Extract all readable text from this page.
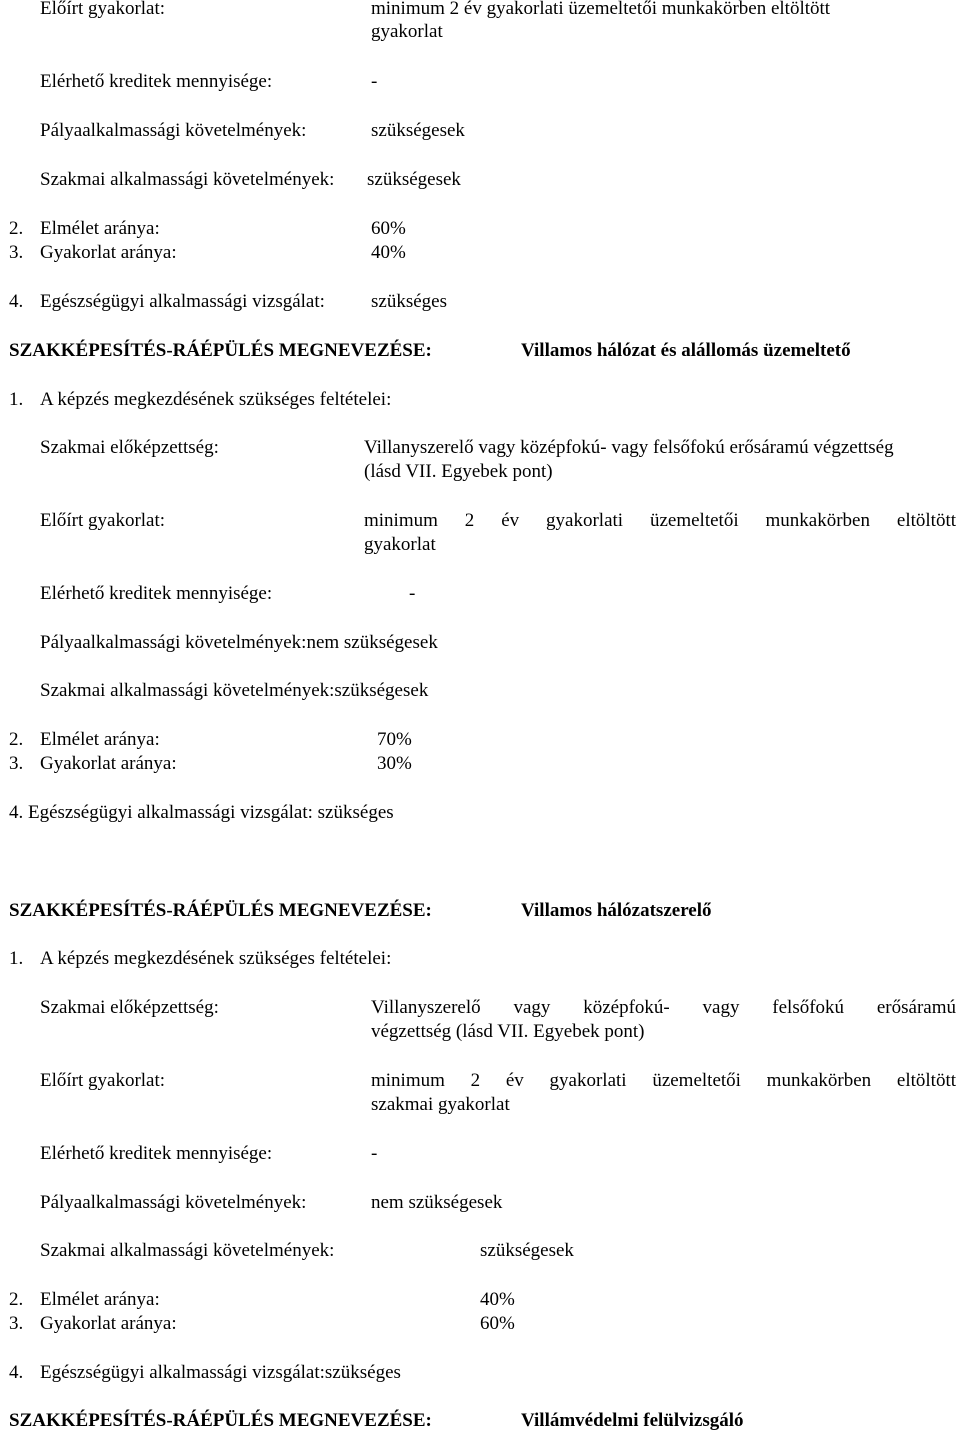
Előírt gyakorlat:	minimum 2 év gyakorlati üzemeltetői munkakörben eltöltött gyakorlat
Elérhető kreditek mennyisége:	-
Pályaalkalmassági követelmények:	szükségesek
Szakmai alkalmassági követelmények: szükségesek
2. Elmélet aránya:	60%
3. Gyakorlat aránya:	40%
4. Egészségügyi alkalmassági vizsgálat: szükséges
SZAKKÉPESÍTÉS-RÁÉPÜLÉS MEGNEVEZÉSE:	Villamos hálózat és alállomás üzemeltető
1. A képzés megkezdésének szükséges feltételei:
Szakmai előképzettség:	Villanyszerelő vagy középfokú- vagy felsőfokú erősáramú végzettség
(lásd VII. Egyebek pont)
Előírt gyakorlat:	minimum 2 év gyakorlati üzemeltetői munkakörben eltöltött
gyakorlat
Elérhető kreditek mennyisége:	-
Pályaalkalmassági követelmények:nem szükségesek
Szakmai alkalmassági követelmények:szükségesek
2. Elmélet aránya:	70%
3. Gyakorlat aránya:	30%
4. Egészségügyi alkalmassági vizsgálat: szükséges
SZAKKÉPESÍTÉS-RÁÉPÜLÉS MEGNEVEZÉSE:	Villamos hálózatszerelő
1. A képzés megkezdésének szükséges feltételei:
Szakmai előképzettség:	Villanyszerelő vagy középfokú- vagy felsőfokú erősáramú
végzettség (lásd VII. Egyebek pont)
Előírt gyakorlat:	minimum 2 év gyakorlati üzemeltetői munkakörben eltöltött
szakmai gyakorlat
Elérhető kreditek mennyisége:	-
Pályaalkalmassági követelmények:	nem szükségesek
Szakmai alkalmassági követelmények:	szükségesek
2. Elmélet aránya:	40%
3. Gyakorlat aránya:	60%
4. Egészségügyi alkalmassági vizsgálat:szükséges
SZAKKÉPESÍTÉS-RÁÉPÜLÉS MEGNEVEZÉSE:	Villámvédelmi felülvizsgáló
